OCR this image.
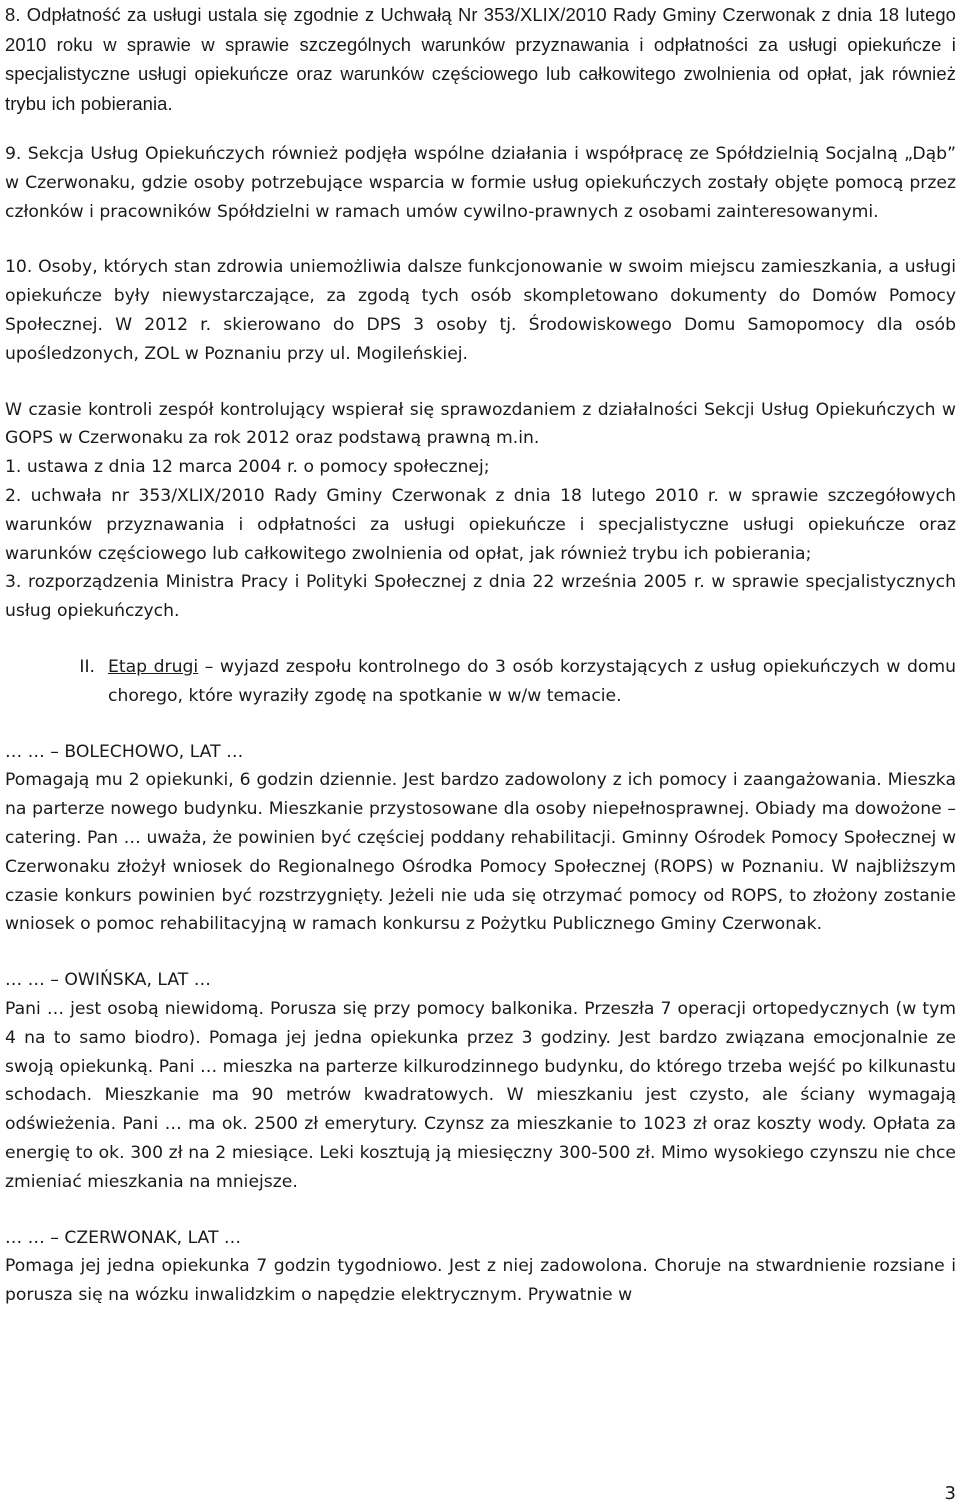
8. Odpłatność za usługi ustala się zgodnie z Uchwałą Nr 353/XLIX/2010 Rady Gminy Czerwonak z dnia 18 lutego 2010 roku w sprawie w sprawie szczególnych warunków przyznawania i odpłatności za usługi opiekuńcze i specjalistyczne usługi opiekuńcze oraz warunków częściowego lub całkowitego zwolnienia od opłat, jak również trybu ich pobierania.

9. Sekcja Usług Opiekuńczych również podjęła wspólne działania i współpracę ze Spółdzielnią Socjalną „Dąb” w Czerwonaku, gdzie osoby potrzebujące wsparcia w formie usług opiekuńczych zostały objęte pomocą przez członków i pracowników Spółdzielni w ramach umów cywilno-prawnych z osobami zainteresowanymi.

10. Osoby, których stan zdrowia uniemożliwia dalsze funkcjonowanie w swoim miejscu zamieszkania, a usługi opiekuńcze były niewystarczające, za zgodą tych osób skompletowano dokumenty do Domów Pomocy Społecznej. W 2012 r. skierowano do DPS 3 osoby tj. Środowiskowego Domu Samopomocy dla osób upośledzonych, ZOL w Poznaniu przy ul. Mogileńskiej.

W czasie kontroli zespół kontrolujący wspierał się sprawozdaniem z działalności Sekcji Usług Opiekuńczych w GOPS w Czerwonaku za rok 2012 oraz podstawą prawną m.in.

1. ustawa z dnia 12 marca 2004 r. o pomocy społecznej;
2. uchwała nr 353/XLIX/2010 Rady Gminy Czerwonak z dnia 18 lutego 2010 r. w sprawie szczegółowych warunków przyznawania i odpłatności za usługi opiekuńcze i specjalistyczne usługi opiekuńcze oraz warunków częściowego lub całkowitego zwolnienia od opłat, jak również trybu ich pobierania;
3. rozporządzenia Ministra Pracy i Polityki Społecznej z dnia 22 września 2005 r. w sprawie specjalistycznych usług opiekuńczych.
II. Etap drugi – wyjazd zespołu kontrolnego do 3 osób korzystających z usług opiekuńczych w domu chorego, które wyraziły zgodę na spotkanie w w/w temacie.

… … – BOLECHOWO, LAT …

Pomagają mu 2 opiekunki, 6 godzin dziennie. Jest bardzo zadowolony z ich pomocy i zaangażowania. Mieszka na parterze nowego budynku. Mieszkanie przystosowane dla osoby niepełnosprawnej. Obiady ma dowożone – catering. Pan … uważa, że powinien być częściej poddany rehabilitacji. Gminny Ośrodek Pomocy Społecznej w Czerwonaku złożył wniosek do Regionalnego Ośrodka Pomocy Społecznej (ROPS) w Poznaniu. W najbliższym czasie konkurs powinien być rozstrzygnięty. Jeżeli nie uda się otrzymać pomocy od ROPS, to złożony zostanie wniosek o pomoc rehabilitacyjną w ramach konkursu z Pożytku Publicznego Gminy Czerwonak.

… … – OWIŃSKA, LAT …

Pani … jest osobą niewidomą. Porusza się przy pomocy balkonika. Przeszła 7 operacji ortopedycznych (w tym 4 na to samo biodro). Pomaga jej jedna opiekunka przez 3 godziny. Jest bardzo związana emocjonalnie ze swoją opiekunką. Pani … mieszka na parterze kilkurodzinnego budynku, do którego trzeba wejść po kilkunastu schodach. Mieszkanie ma 90 metrów kwadratowych. W mieszkaniu jest czysto, ale ściany wymagają odświeżenia. Pani … ma ok. 2500 zł emerytury. Czynsz za mieszkanie to 1023 zł oraz koszty wody. Opłata za energię to ok. 300 zł na 2 miesiące. Leki kosztują ją miesięczny 300-500 zł. Mimo wysokiego czynszu nie chce zmieniać mieszkania na mniejsze.

… … – CZERWONAK, LAT …

Pomaga jej jedna opiekunka 7 godzin tygodniowo. Jest z niej zadowolona. Choruje na stwardnienie rozsiane i porusza się na wózku inwalidzkim o napędzie elektrycznym. Prywatnie w

3
